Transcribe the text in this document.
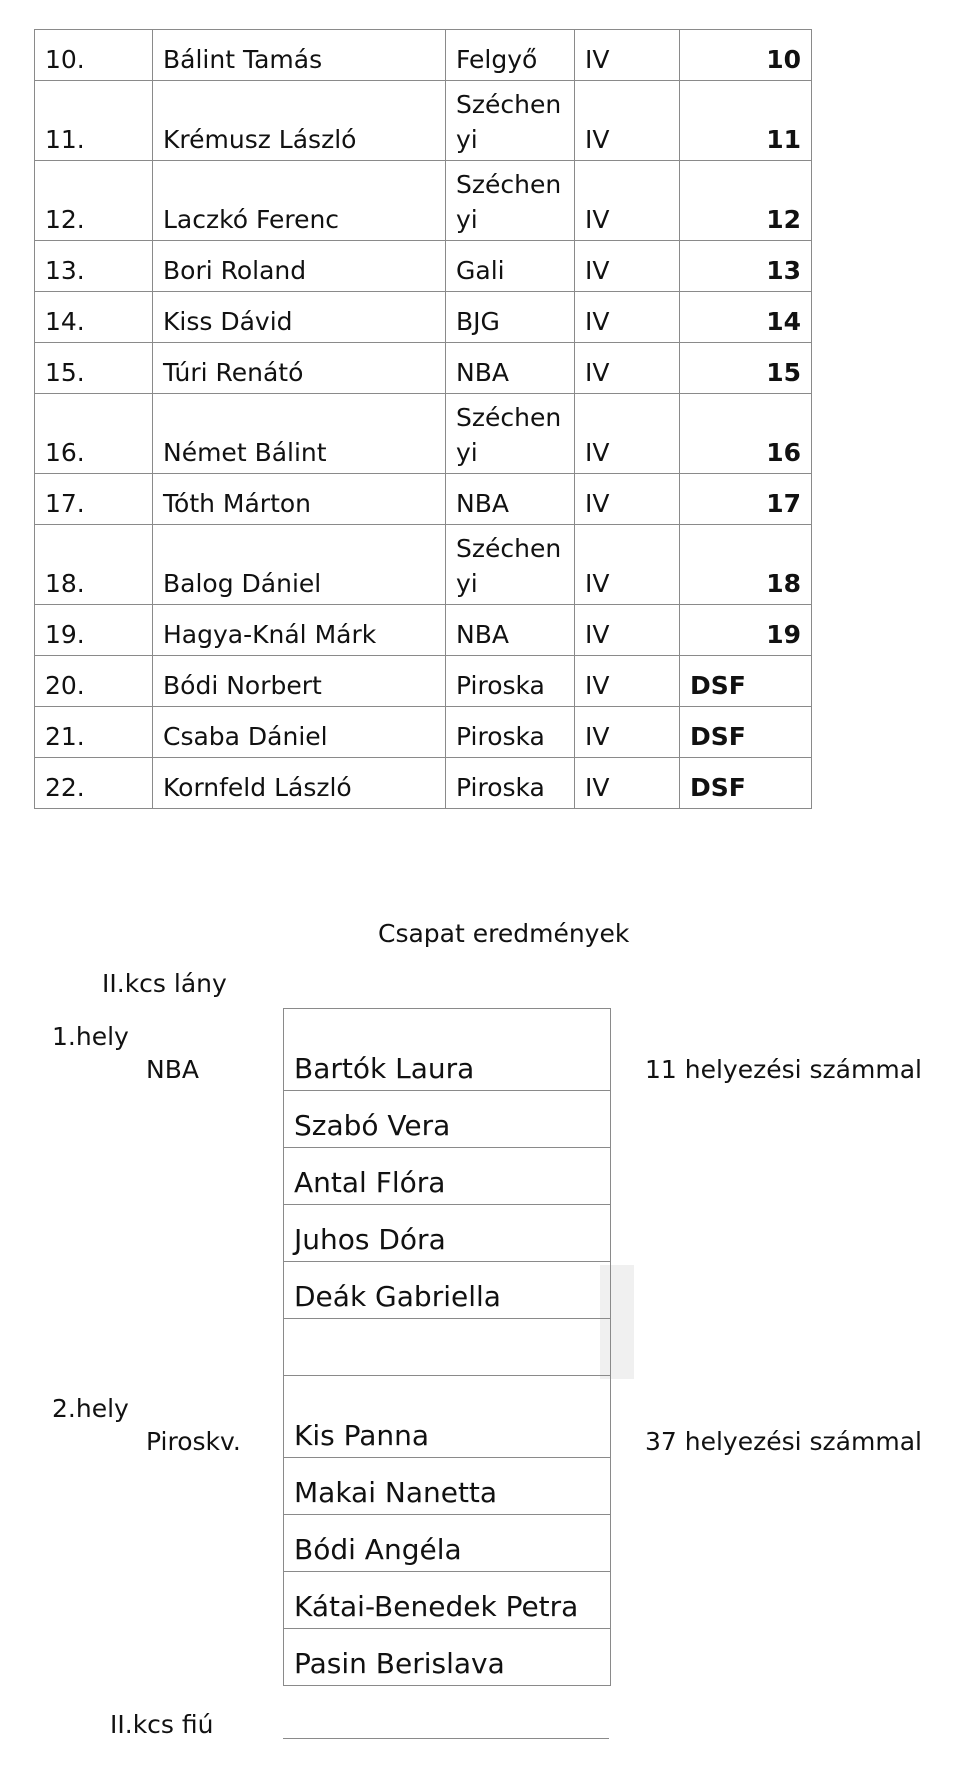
10.	Bálint Tamás	Felgyő	IV	10
11.	Krémusz László	Széchenyi	IV	11
12.	Laczkó Ferenc	Széchenyi	IV	12
13.	Bori Roland	Gali	IV	13
14.	Kiss Dávid	BJG	IV	14
15.	Túri Renátó	NBA	IV	15
16.	Német Bálint	Széchenyi	IV	16
17.	Tóth Márton	NBA	IV	17
18.	Balog Dániel	Széchenyi	IV	18
19.	Hagya-Knál Márk	NBA	IV	19
20.	Bódi Norbert	Piroska	IV	DSF
21.	Csaba Dániel	Piroska	IV	DSF
22.	Kornfeld László	Piroska	IV	DSF
Csapat eredmények
II.kcs lány
1.hely
NBA	11 helyezési számmal
2.hely
Piroskv.	37 helyezési számmal
Bartók Laura
Szabó Vera
Antal Flóra
Juhos Dóra
Deák Gabriella
Kis Panna
Makai Nanetta
Bódi Angéla
Kátai-Benedek Petra
Pasin Berislava
II.kcs fiú
